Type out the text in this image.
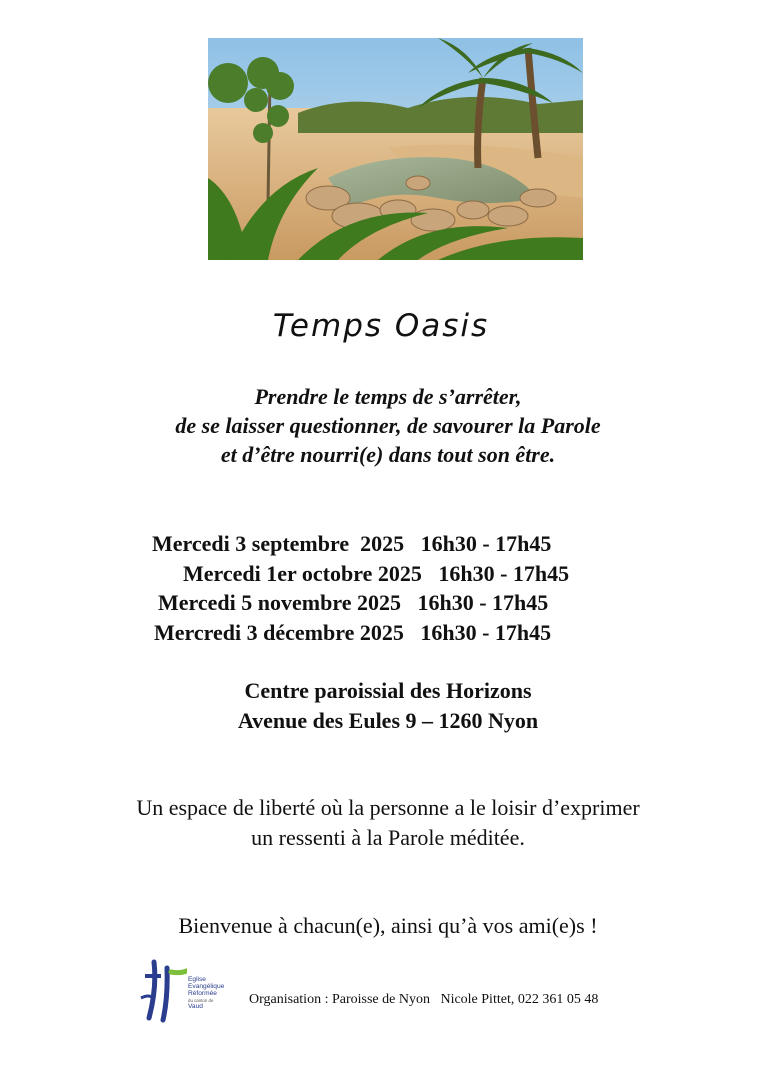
Temps Oasis
Prendre le temps de s’arrêter,
de se laisser questionner, de savourer la Parole
et d’être nourri(e) dans tout son être.
Mercedi 3 septembre  2025 16h30 - 17h45
Mercedi 1er octobre 2025 16h30 - 17h45
Mercedi 5 novembre 2025 16h30 - 17h45
Mercredi 3 décembre 2025 16h30 - 17h45
Centre paroissial des Horizons
Avenue des Eules 9 – 1260 Nyon
Un espace de liberté où la personne a le loisir d’exprimer
un ressenti à la Parole méditée.
Bienvenue à chacun(e), ainsi qu’à vos ami(e)s !
Eglise
Evangélique
Réformée
du canton de
Vaud	Organisation : Paroisse de Nyon Nicole Pittet, 022 361 05 48
